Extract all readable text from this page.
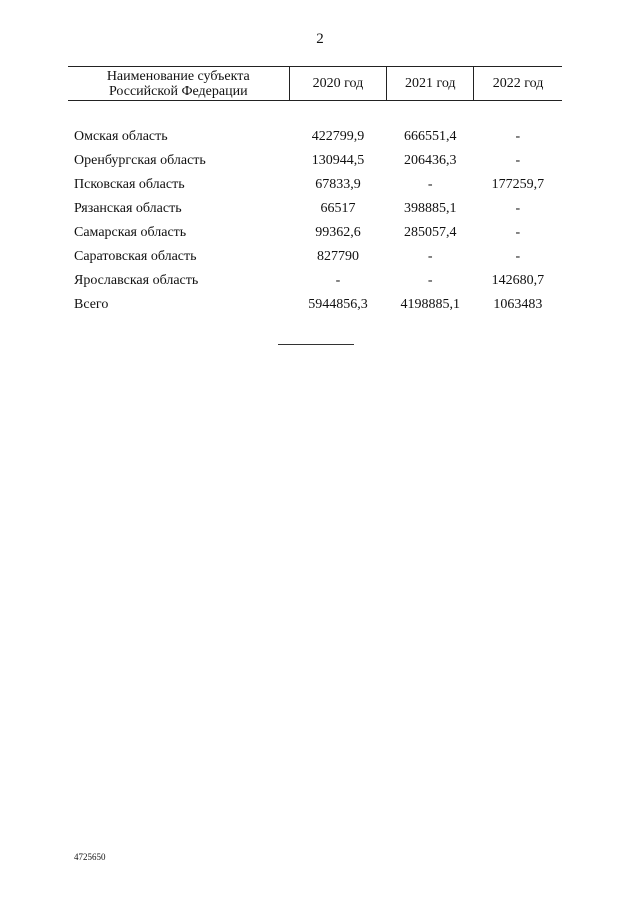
2
Наименование субъекта
Российской Федерации	2020 год	2021 год	2022 год

Омская область	422799,9	666551,4	-
Оренбургская область	130944,5	206436,3	-
Псковская область	67833,9	-	177259,7
Рязанская область	66517	398885,1	-
Самарская область	99362,6	285057,4	-
Саратовская область	827790	-	-
Ярославская область	-	-	142680,7
Всего	5944856,3	4198885,1	1063483
4725650
